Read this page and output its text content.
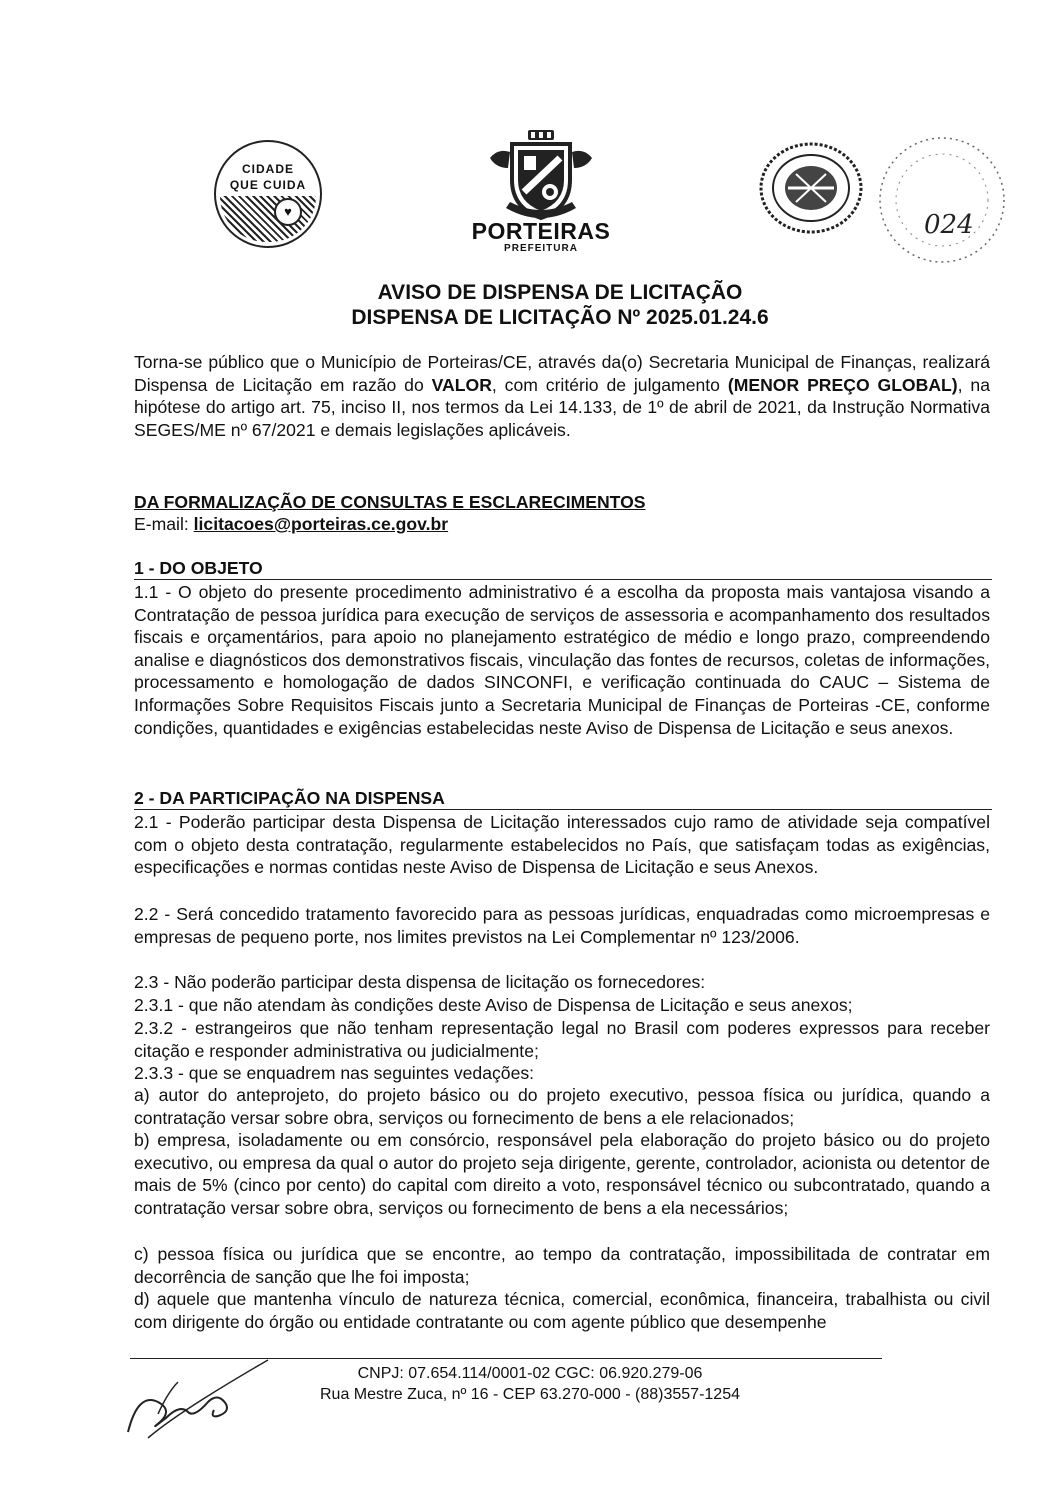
CIDADE
QUE CUIDA
♥
PORTEIRAS
PREFEITURA
024
AVISO DE DISPENSA DE LICITAÇÃO
DISPENSA DE LICITAÇÃO Nº 2025.01.24.6

Torna-se público que o Município de Porteiras/CE, através da(o) Secretaria Municipal de Finanças, realizará Dispensa de Licitação em razão do VALOR, com critério de julgamento (MENOR PREÇO GLOBAL), na hipótese do artigo art. 75, inciso II, nos termos da Lei 14.133, de 1º de abril de 2021, da Instrução Normativa SEGES/ME nº 67/2021 e demais legislações aplicáveis.

DA FORMALIZAÇÃO DE CONSULTAS E ESCLARECIMENTOS
E-mail: licitacoes@porteiras.ce.gov.br
1 - DO OBJETO

1.1 - O objeto do presente procedimento administrativo é a escolha da proposta mais vantajosa visando a Contratação de pessoa jurídica para execução de serviços de assessoria e acompanhamento dos resultados fiscais e orçamentários, para apoio no planejamento estratégico de médio e longo prazo, compreendendo analise e diagnósticos dos demonstrativos fiscais, vinculação das fontes de recursos, coletas de informações, processamento e homologação de dados SINCONFI, e verificação continuada do CAUC – Sistema de Informações Sobre Requisitos Fiscais junto a Secretaria Municipal de Finanças de Porteiras -CE, conforme condições, quantidades e exigências estabelecidas neste Aviso de Dispensa de Licitação e seus anexos.

2 - DA PARTICIPAÇÃO NA DISPENSA

2.1 - Poderão participar desta Dispensa de Licitação interessados cujo ramo de atividade seja compatível com o objeto desta contratação, regularmente estabelecidos no País, que satisfaçam todas as exigências, especificações e normas contidas neste Aviso de Dispensa de Licitação e seus Anexos.

2.2 - Será concedido tratamento favorecido para as pessoas jurídicas, enquadradas como microempresas e empresas de pequeno porte, nos limites previstos na Lei Complementar nº 123/2006.

2.3 - Não poderão participar desta dispensa de licitação os fornecedores:

2.3.1 - que não atendam às condições deste Aviso de Dispensa de Licitação e seus anexos;

2.3.2 - estrangeiros que não tenham representação legal no Brasil com poderes expressos para receber citação e responder administrativa ou judicialmente;

2.3.3 - que se enquadrem nas seguintes vedações:

a) autor do anteprojeto, do projeto básico ou do projeto executivo, pessoa física ou jurídica, quando a contratação versar sobre obra, serviços ou fornecimento de bens a ele relacionados;

b) empresa, isoladamente ou em consórcio, responsável pela elaboração do projeto básico ou do projeto executivo, ou empresa da qual o autor do projeto seja dirigente, gerente, controlador, acionista ou detentor de mais de 5% (cinco por cento) do capital com direito a voto, responsável técnico ou subcontratado, quando a contratação versar sobre obra, serviços ou fornecimento de bens a ela necessários;

c) pessoa física ou jurídica que se encontre, ao tempo da contratação, impossibilitada de contratar em decorrência de sanção que lhe foi imposta;

d) aquele que mantenha vínculo de natureza técnica, comercial, econômica, financeira, trabalhista ou civil com dirigente do órgão ou entidade contratante ou com agente público que desempenhe

CNPJ: 07.654.114/0001-02 CGC: 06.920.279-06
Rua Mestre Zuca, nº 16 - CEP 63.270-000 - (88)3557-1254
